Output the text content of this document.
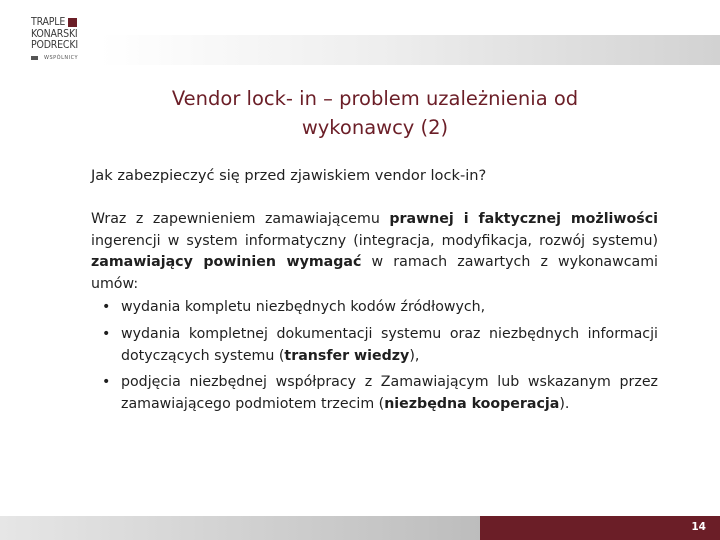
TRAPLE
KONARSKI
PODRECKI
WSPÓLNICY
Vendor lock- in – problem uzależnienia od
wykonawcy (2)
Jak zabezpieczyć się przed zjawiskiem vendor lock-in?

Wraz z zapewnieniem zamawiającemu prawnej i faktycznej możliwości ingerencji w system informatyczny (integracja, modyfikacja, rozwój systemu) zamawiający powinien wymagać w ramach zawartych z wykonawcami umów:

• wydania kompletu niezbędnych kodów źródłowych,
• wydania kompletnej dokumentacji systemu oraz niezbędnych informacji dotyczących systemu (transfer wiedzy),
• podjęcia niezbędnej współpracy z Zamawiającym lub wskazanym przez zamawiającego podmiotem trzecim (niezbędna kooperacja).
14
